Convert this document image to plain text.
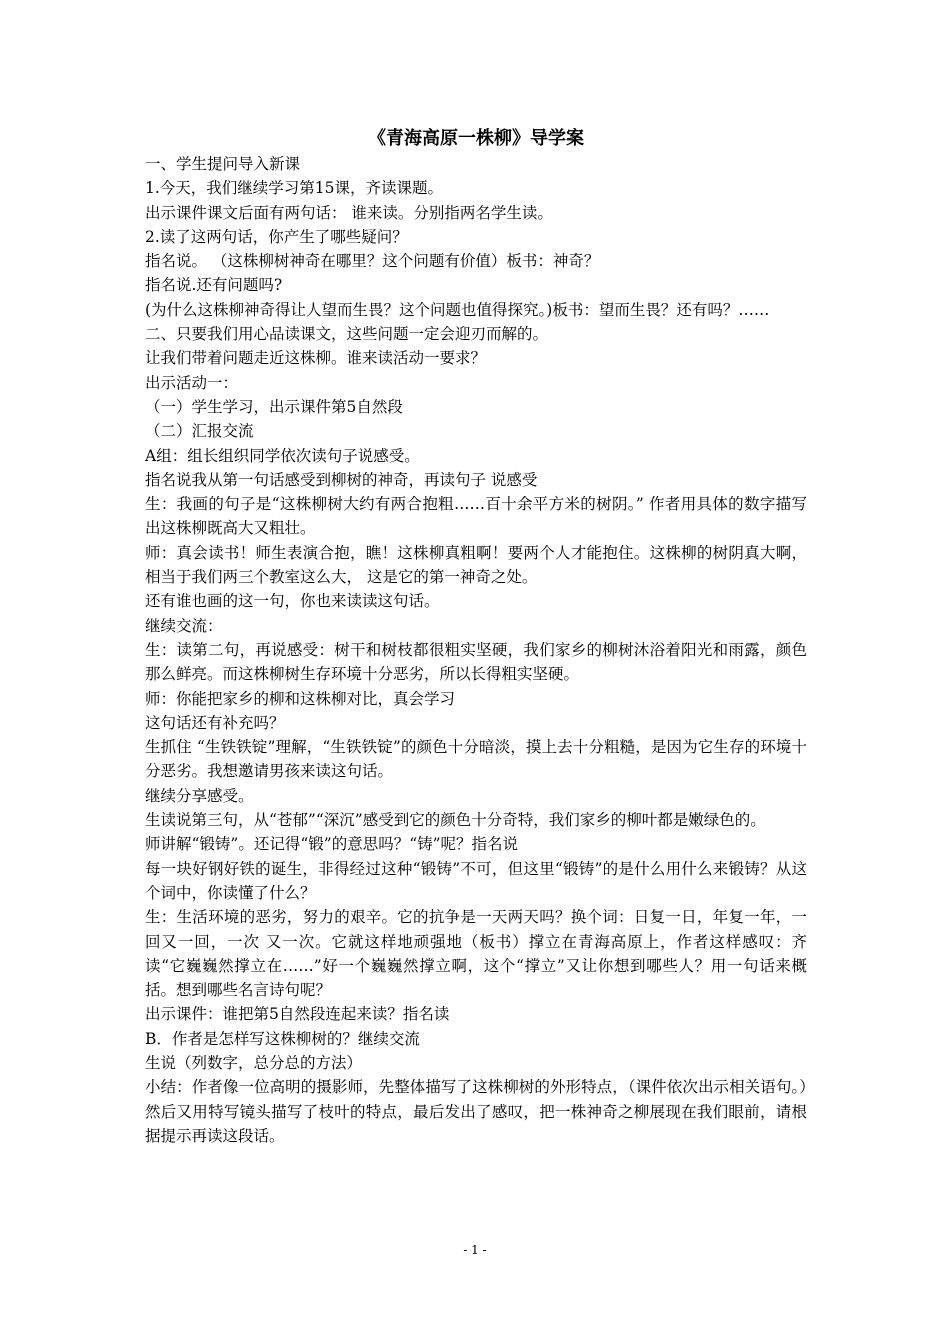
《青海高原一株柳》导学案

一、学生提问导入新课

1.今天，我们继续学习第15课，齐读课题。

出示课件课文后面有两句话： 谁来读。分别指两名学生读。

2.读了这两句话，你产生了哪些疑问？

指名说。 （这株柳树神奇在哪里？这个问题有价值）板书：神奇？

指名说.还有问题吗?

(为什么这株柳神奇得让人望而生畏？这个问题也值得探究。)板书：望而生畏？还有吗？……

二、只要我们用心品读课文，这些问题一定会迎刃而解的。

让我们带着问题走近这株柳。谁来读活动一要求？

出示活动一：

（一）学生学习，出示课件第5自然段

（二）汇报交流

A组：组长组织同学依次读句子说感受。

指名说我从第一句话感受到柳树的神奇，再读句子 说感受

生：我画的句子是“这株柳树大约有两合抱粗……百十余平方米的树阴。” 作者用具体的数字描写出这株柳既高大又粗壮。

师：真会读书！师生表演合抱，瞧！这株柳真粗啊！要两个人才能抱住。这株柳的树阴真大啊， 相当于我们两三个教室这么大， 这是它的第一神奇之处。

还有谁也画的这一句，你也来读读这句话。

继续交流：

生：读第二句，再说感受：树干和树枝都很粗实坚硬，我们家乡的柳树沐浴着阳光和雨露，颜色那么鲜亮。而这株柳树生存环境十分恶劣，所以长得粗实坚硬。

师：你能把家乡的柳和这株柳对比，真会学习

这句话还有补充吗？

生抓住 “生铁铁锭”理解，“生铁铁锭”的颜色十分暗淡，摸上去十分粗糙，是因为它生存的环境十分恶劣。我想邀请男孩来读这句话。

继续分享感受。

生读说第三句，从“苍郁”“深沉”感受到它的颜色十分奇特，我们家乡的柳叶都是嫩绿色的。

师讲解“锻铸”。还记得“锻”的意思吗？“铸”呢？指名说

每一块好钢好铁的诞生，非得经过这种“锻铸”不可，但这里“锻铸”的是什么用什么来锻铸？从这个词中，你读懂了什么？

生：生活环境的恶劣，努力的艰辛。它的抗争是一天两天吗？换个词：日复一日，年复一年，一回又一回，一次 又一次。它就这样地顽强地（板书）撑立在青海高原上，作者这样感叹：齐读“它巍巍然撑立在……”好一个巍巍然撑立啊，这个“撑立”又让你想到哪些人？用一句话来概括。想到哪些名言诗句呢？

出示课件：谁把第5自然段连起来读？指名读

B．作者是怎样写这株柳树的？继续交流

生说（列数字，总分总的方法）

小结：作者像一位高明的摄影师，先整体描写了这株柳树的外形特点，（课件依次出示相关语句。）然后又用特写镜头描写了枝叶的特点，最后发出了感叹，把一株神奇之柳展现在我们眼前，请根据提示再读这段话。

- 1 -
